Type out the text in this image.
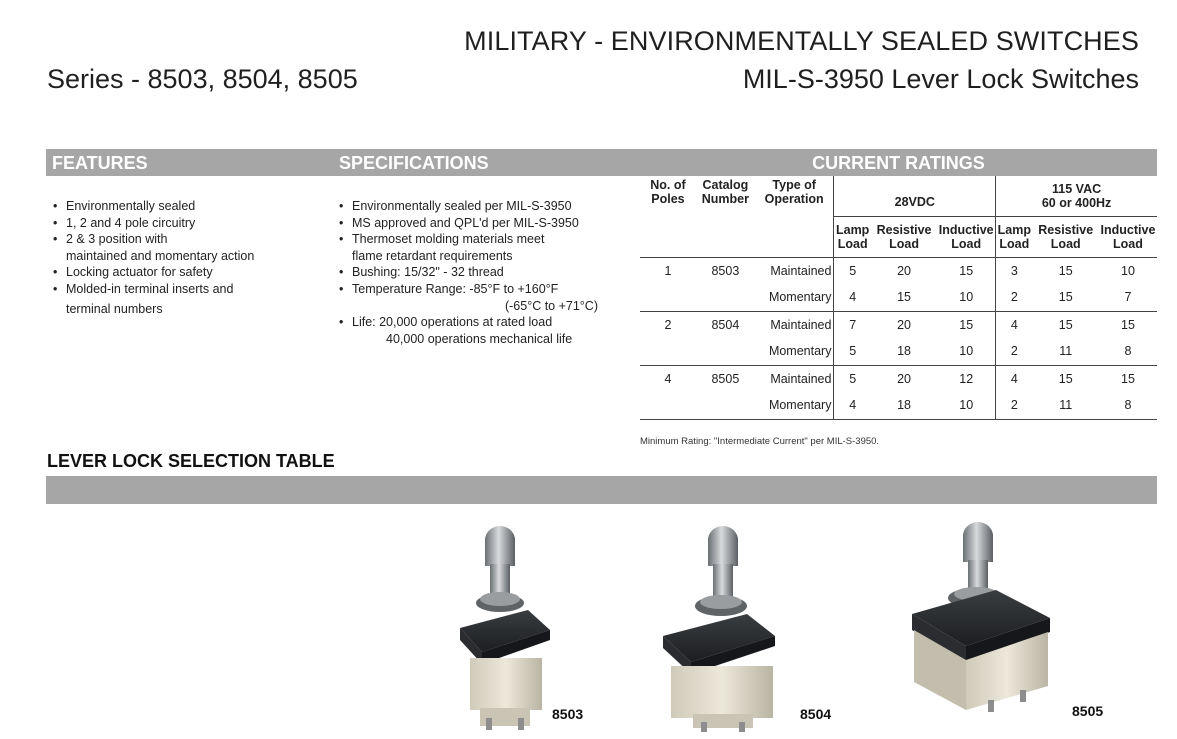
MILITARY - ENVIRONMENTALLY SEALED SWITCHES
MIL-S-3950 Lever Lock Switches
Series - 8503, 8504, 8505
FEATURES	SPECIFICATIONS	CURRENT RATINGS
• Environmentally sealed
• 1, 2 and 4 pole circuitry
• 2 & 3 position with
maintained and momentary action
• Locking actuator for safety
• Molded-in terminal inserts and
terminal numbers
• Environmentally sealed per MIL-S-3950
• MS approved and QPL'd per MIL-S-3950
• Thermoset molding materials meet
flame retardant requirements
• Bushing: 15/32" - 32 thread
• Temperature Range: -85°F to +160°F
(-65°C to +71°C)
• Life: 20,000 operations at rated load
40,000 operations mechanical life
No. of Poles	Catalog Number	Type of Operation	28VDC			115 VAC
60 or 400Hz		
			Lamp Load	Resistive Load	Inductive Load	Lamp Load	Resistive Load	Inductive Load
1	8503	Maintained	5	20	15	3	15	10
		Momentary	4	15	10	2	15	7
2	8504	Maintained	7	20	15	4	15	15
		Momentary	5	18	10	2	11	8
4	8505	Maintained	5	20	12	4	15	15
		Momentary	4	18	10	2	11	8
Minimum Rating: "Intermediate Current" per MIL-S-3950.
LEVER LOCK SELECTION TABLE
8503	8504	8505
